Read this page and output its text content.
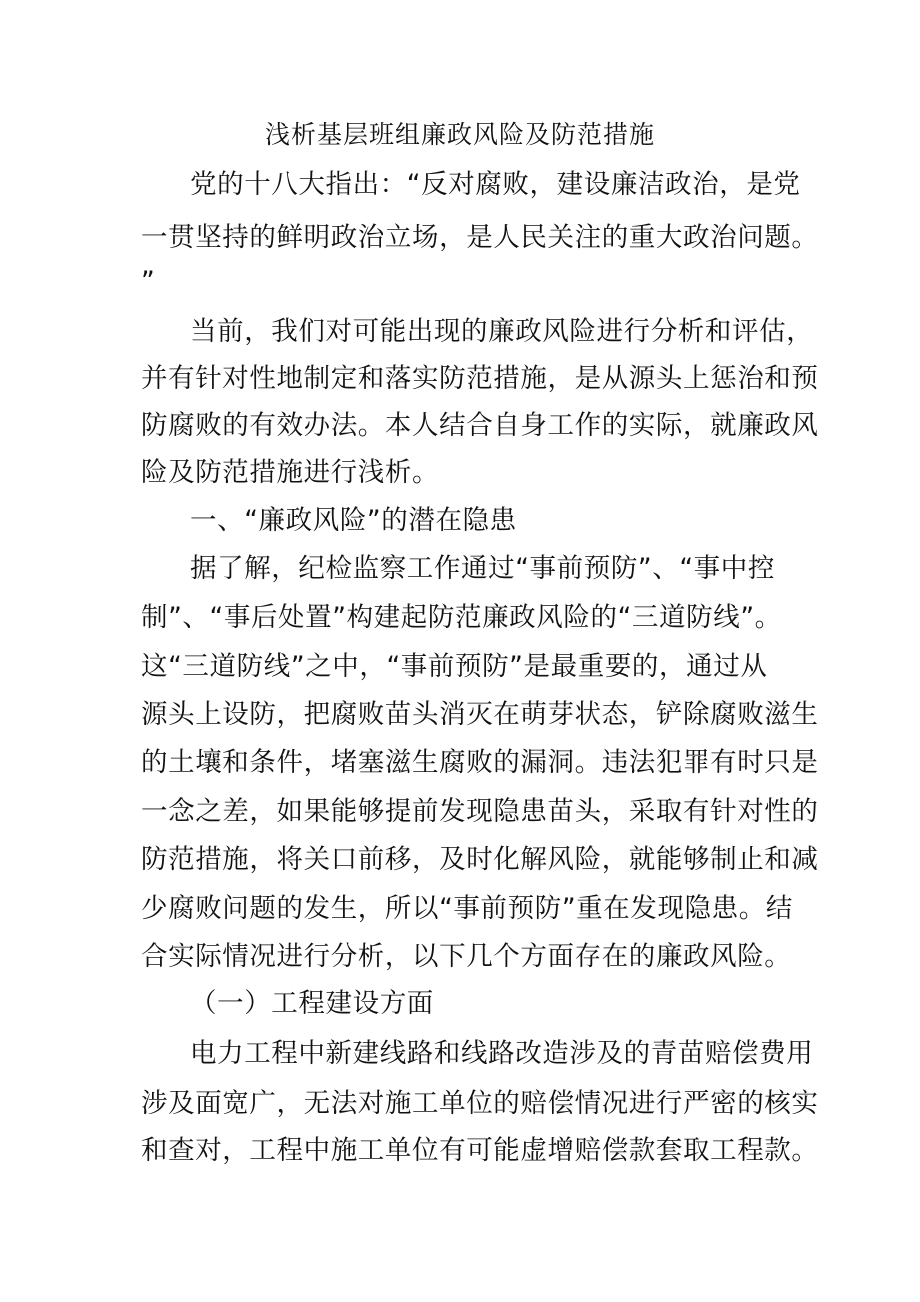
浅析基层班组廉政风险及防范措施
党的十八大指出：“反对腐败，建设廉洁政治，是党
一贯坚持的鲜明政治立场，是人民关注的重大政治问题。
”
当前，我们对可能出现的廉政风险进行分析和评估，
并有针对性地制定和落实防范措施，是从源头上惩治和预
防腐败的有效办法。本人结合自身工作的实际，就廉政风
险及防范措施进行浅析。
一、“廉政风险”的潜在隐患
据了解，纪检监察工作通过“事前预防”、“事中控
制”、“事后处置”构建起防范廉政风险的“三道防线”。
这“三道防线”之中，“事前预防”是最重要的，通过从
源头上设防，把腐败苗头消灭在萌芽状态，铲除腐败滋生
的土壤和条件，堵塞滋生腐败的漏洞。违法犯罪有时只是
一念之差，如果能够提前发现隐患苗头，采取有针对性的
防范措施，将关口前移，及时化解风险，就能够制止和减
少腐败问题的发生，所以“事前预防”重在发现隐患。结
合实际情况进行分析，以下几个方面存在的廉政风险。
（一）工程建设方面
电力工程中新建线路和线路改造涉及的青苗赔偿费用
涉及面宽广，无法对施工单位的赔偿情况进行严密的核实
和查对，工程中施工单位有可能虚增赔偿款套取工程款。
